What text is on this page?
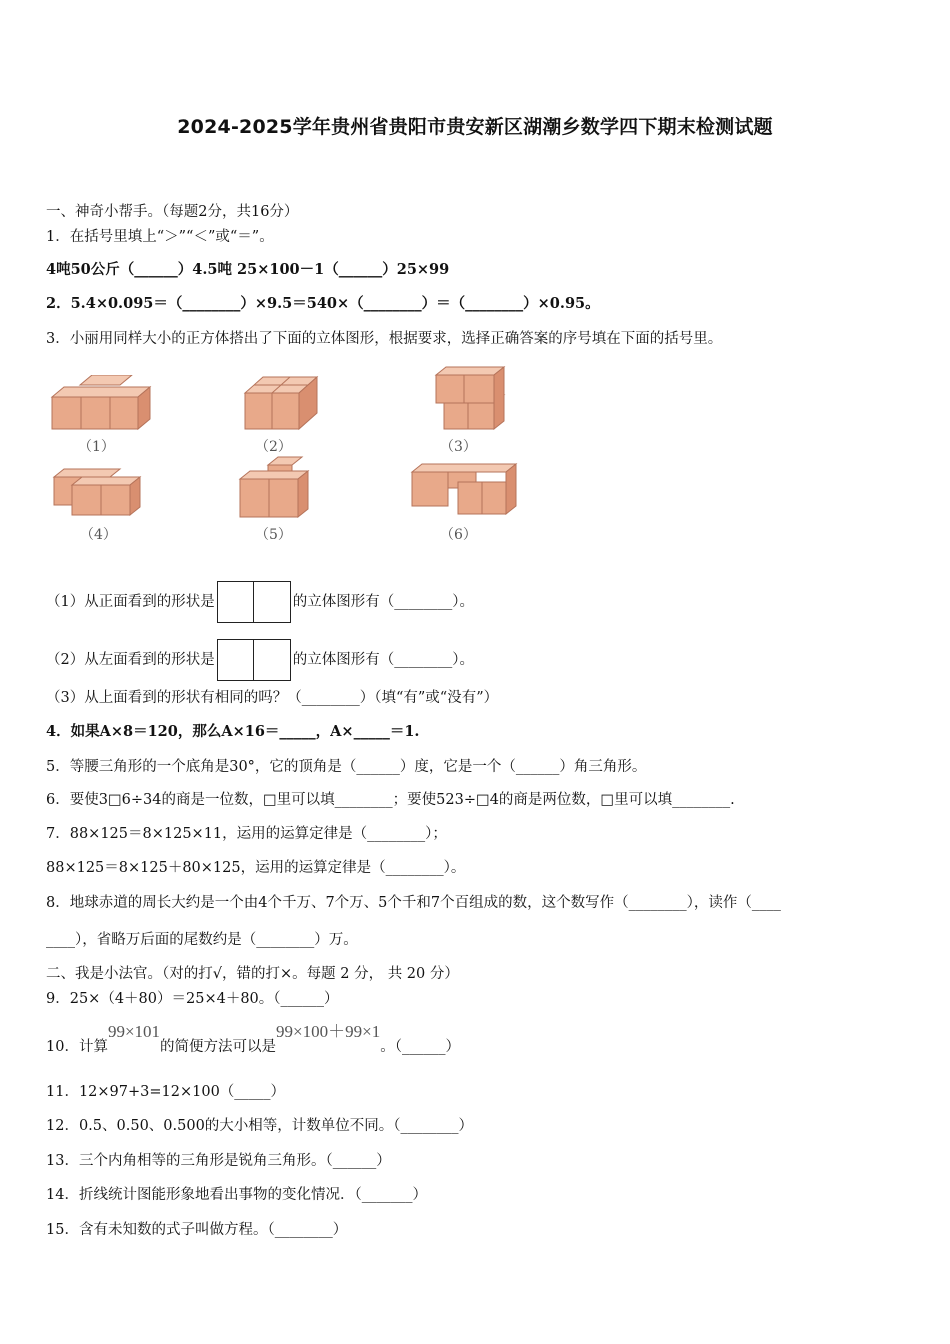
2024-2025学年贵州省贵阳市贵安新区湖潮乡数学四下期末检测试题
一、神奇小帮手。（每题2分，共16分）
1．在括号里填上“＞”“＜”或“＝”。
4吨50公斤（______）4.5吨 25×100－1（______）25×99
2．5.4×0.095＝（________）×9.5＝540×（________）＝（________）×0.95。
3．小丽用同样大小的正方体搭出了下面的立体图形，根据要求，选择正确答案的序号填在下面的括号里。
（1）	（2）	（3）
（4）	（5）	（6）
（1）从正面看到的形状是	的立体图形有（________）。
（2）从左面看到的形状是	的立体图形有（________）。
（3）从上面看到的形状有相同的吗？（________）（填“有”或“没有”）
4．如果A×8＝120，那么A×16＝_____，A×_____＝1.
5．等腰三角形的一个底角是30°，它的顶角是（______）度，它是一个（______）角三角形。
6．要使3□6÷34的商是一位数，□里可以填________；要使523÷□4的商是两位数，□里可以填________.
7．88×125＝8×125×11，运用的运算定律是（________）；
88×125＝8×125＋80×125，运用的运算定律是（________）。
8．地球赤道的周长大约是一个由4个千万、7个万、5个千和7个百组成的数，这个数写作（________），读作（____
____），省略万后面的尾数约是（________）万。
二、我是小法官。（对的打√，错的打×。每题 2 分， 共 20 分）
9．25×（4＋80）＝25×4＋80。（______）
10．计算99×101的简便方法可以是99×100＋99×1。（______）
11．12×97+3=12×100（_____）
12．0.5、0.50、0.500的大小相等，计数单位不同。（________）
13．三个内角相等的三角形是锐角三角形。（______）
14．折线统计图能形象地看出事物的变化情况．（_______）
15．含有未知数的式子叫做方程。（________）
